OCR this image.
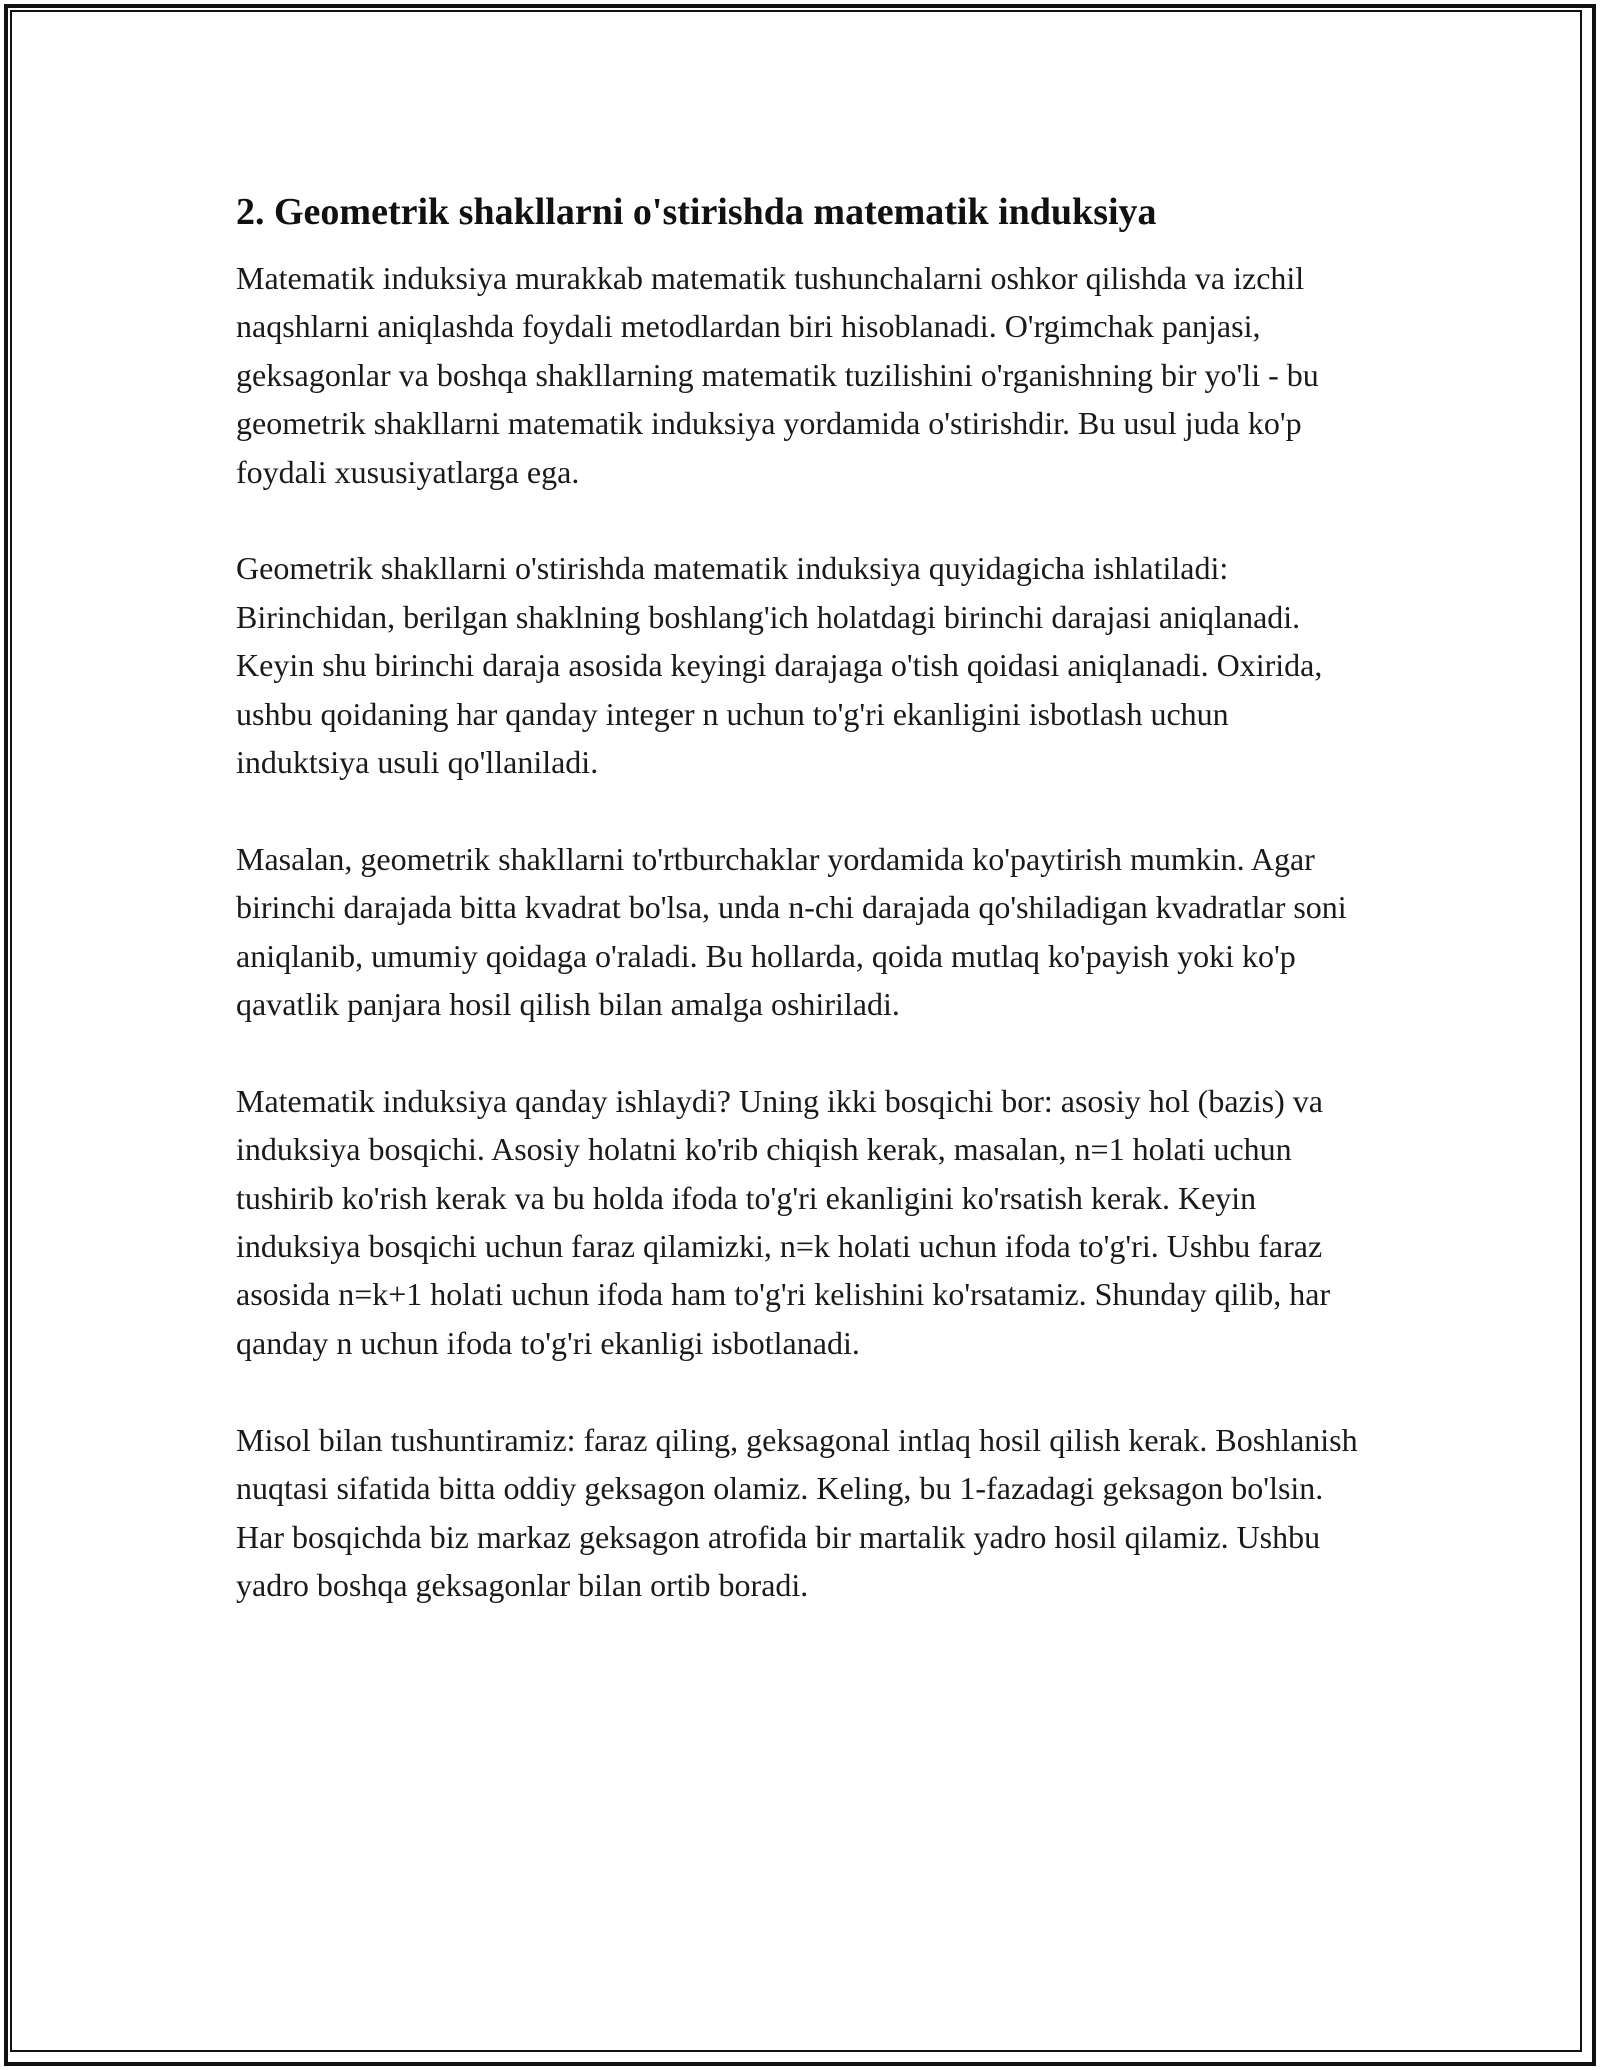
2. Geometrik shakllarni o'stirishda matematik induksiya

Matematik induksiya murakkab matematik tushunchalarni oshkor qilishda va izchil naqshlarni aniqlashda foydali metodlardan biri hisoblanadi. O'rgimchak panjasi, geksagonlar va boshqa shakllarning matematik tuzilishini o'rganishning bir yo'li - bu geometrik shakllarni matematik induksiya yordamida o'stirishdir. Bu usul juda ko'p foydali xususiyatlarga ega.

Geometrik shakllarni o'stirishda matematik induksiya quyidagicha ishlatiladi: Birinchidan, berilgan shaklning boshlang'ich holatdagi birinchi darajasi aniqlanadi. Keyin shu birinchi daraja asosida keyingi darajaga o'tish qoidasi aniqlanadi. Oxirida, ushbu qoidaning har qanday integer n uchun to'g'ri ekanligini isbotlash uchun induktsiya usuli qo'llaniladi.

Masalan, geometrik shakllarni to'rtburchaklar yordamida ko'paytirish mumkin. Agar birinchi darajada bitta kvadrat bo'lsa, unda n-chi darajada qo'shiladigan kvadratlar soni aniqlanib, umumiy qoidaga o'raladi. Bu hollarda, qoida mutlaq ko'payish yoki ko'p qavatlik panjara hosil qilish bilan amalga oshiriladi.

Matematik induksiya qanday ishlaydi? Uning ikki bosqichi bor: asosiy hol (bazis) va induksiya bosqichi. Asosiy holatni ko'rib chiqish kerak, masalan, n=1 holati uchun tushirib ko'rish kerak va bu holda ifoda to'g'ri ekanligini ko'rsatish kerak. Keyin induksiya bosqichi uchun faraz qilamizki, n=k holati uchun ifoda to'g'ri. Ushbu faraz asosida n=k+1 holati uchun ifoda ham to'g'ri kelishini ko'rsatamiz. Shunday qilib, har qanday n uchun ifoda to'g'ri ekanligi isbotlanadi.

Misol bilan tushuntiramiz: faraz qiling, geksagonal intlaq hosil qilish kerak. Boshlanish nuqtasi sifatida bitta oddiy geksagon olamiz. Keling, bu 1-fazadagi geksagon bo'lsin. Har bosqichda biz markaz geksagon atrofida bir martalik yadro hosil qilamiz. Ushbu yadro boshqa geksagonlar bilan ortib boradi.
